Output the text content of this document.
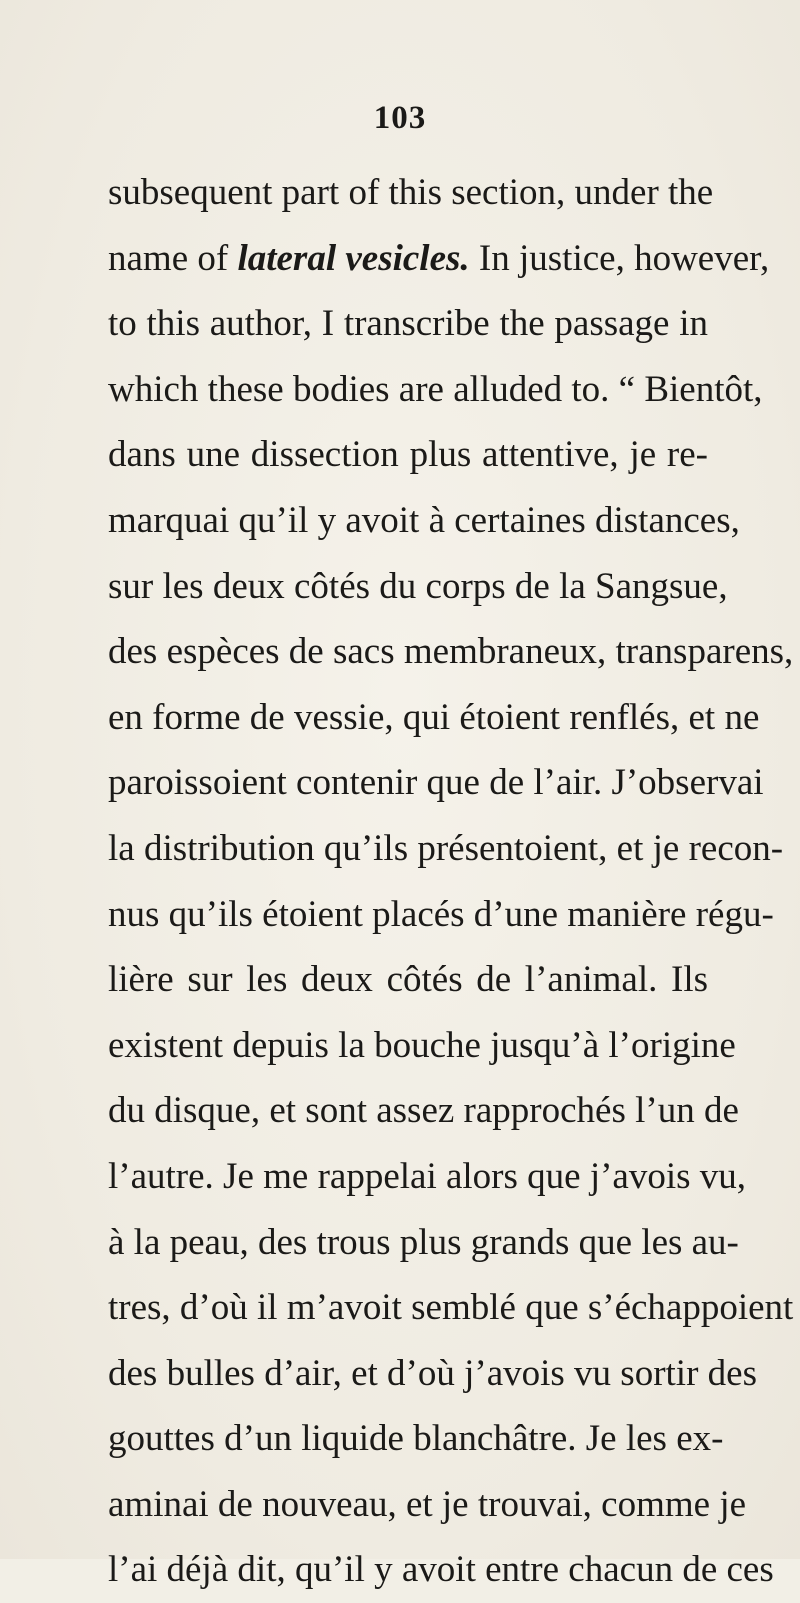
103
subsequent part of this section, under the
name of lateral vesicles. In justice, however,
to this author, I transcribe the passage in
which these bodies are alluded to. “ Bientôt,
dans une dissection plus attentive, je re-
marquai qu’il y avoit à certaines distances,
sur les deux côtés du corps de la Sangsue,
des espèces de sacs membraneux, transparens,
en forme de vessie, qui étoient renflés, et ne
paroissoient contenir que de l’air. J’observai
la distribution qu’ils présentoient, et je recon-
nus qu’ils étoient placés d’une manière régu-
lière sur les deux côtés de l’animal. Ils
existent depuis la bouche jusqu’à l’origine
du disque, et sont assez rapprochés l’un de
l’autre. Je me rappelai alors que j’avois vu,
à la peau, des trous plus grands que les au-
tres, d’où il m’avoit semblé que s’échappoient
des bulles d’air, et d’où j’avois vu sortir des
gouttes d’un liquide blanchâtre. Je les ex-
aminai de nouveau, et je trouvai, comme je
l’ai déjà dit, qu’il y avoit entre chacun de ces
